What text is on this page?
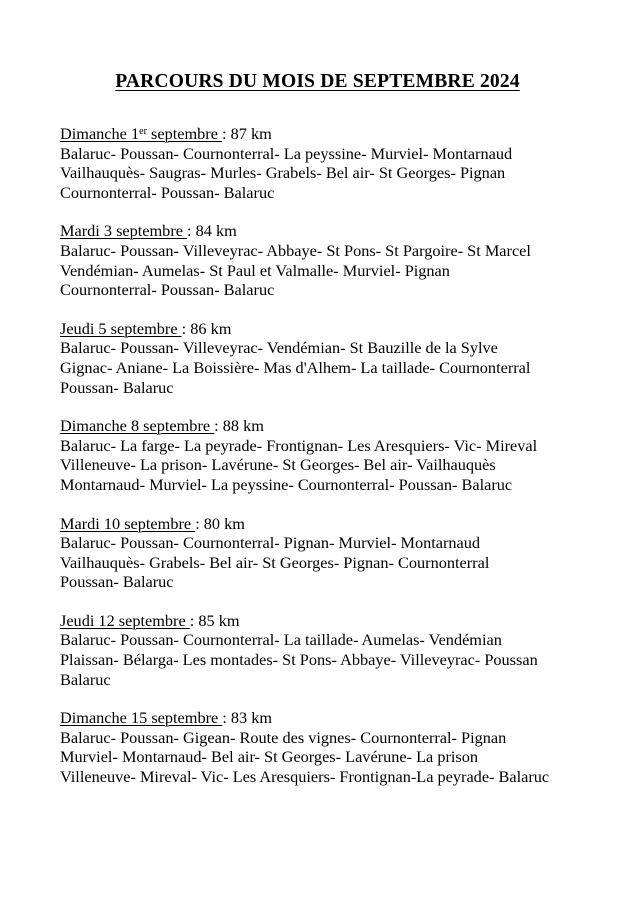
PARCOURS DU MOIS DE SEPTEMBRE 2024
Dimanche 1er septembre : 87 km
Balaruc- Poussan- Cournonterral- La peyssine- Murviel- Montarnaud
Vailhauquès- Saugras- Murles- Grabels- Bel air- St Georges- Pignan
Cournonterral- Poussan- Balaruc
Mardi 3 septembre : 84 km
Balaruc- Poussan- Villeveyrac- Abbaye- St Pons- St Pargoire- St Marcel
Vendémian- Aumelas- St Paul et Valmalle- Murviel- Pignan
Cournonterral- Poussan- Balaruc
Jeudi 5 septembre : 86 km
Balaruc- Poussan- Villeveyrac- Vendémian- St Bauzille de la Sylve
Gignac- Aniane- La Boissière- Mas d'Alhem- La taillade- Cournonterral
Poussan- Balaruc
Dimanche 8 septembre : 88 km
Balaruc- La farge- La peyrade- Frontignan- Les Aresquiers- Vic- Mireval
Villeneuve- La prison- Lavérune- St Georges- Bel air- Vailhauquès
Montarnaud- Murviel- La peyssine- Cournonterral- Poussan- Balaruc
Mardi 10 septembre : 80 km
Balaruc- Poussan- Cournonterral- Pignan- Murviel- Montarnaud
Vailhauquès- Grabels- Bel air- St Georges- Pignan- Cournonterral
Poussan- Balaruc
Jeudi 12 septembre : 85 km
Balaruc- Poussan- Cournonterral- La taillade- Aumelas- Vendémian
Plaissan- Bélarga- Les montades- St Pons- Abbaye- Villeveyrac- Poussan
Balaruc
Dimanche 15 septembre : 83 km
Balaruc- Poussan- Gigean- Route des vignes- Cournonterral- Pignan
Murviel- Montarnaud- Bel air- St Georges- Lavérune- La prison
Villeneuve- Mireval- Vic- Les Aresquiers- Frontignan-La peyrade- Balaruc
